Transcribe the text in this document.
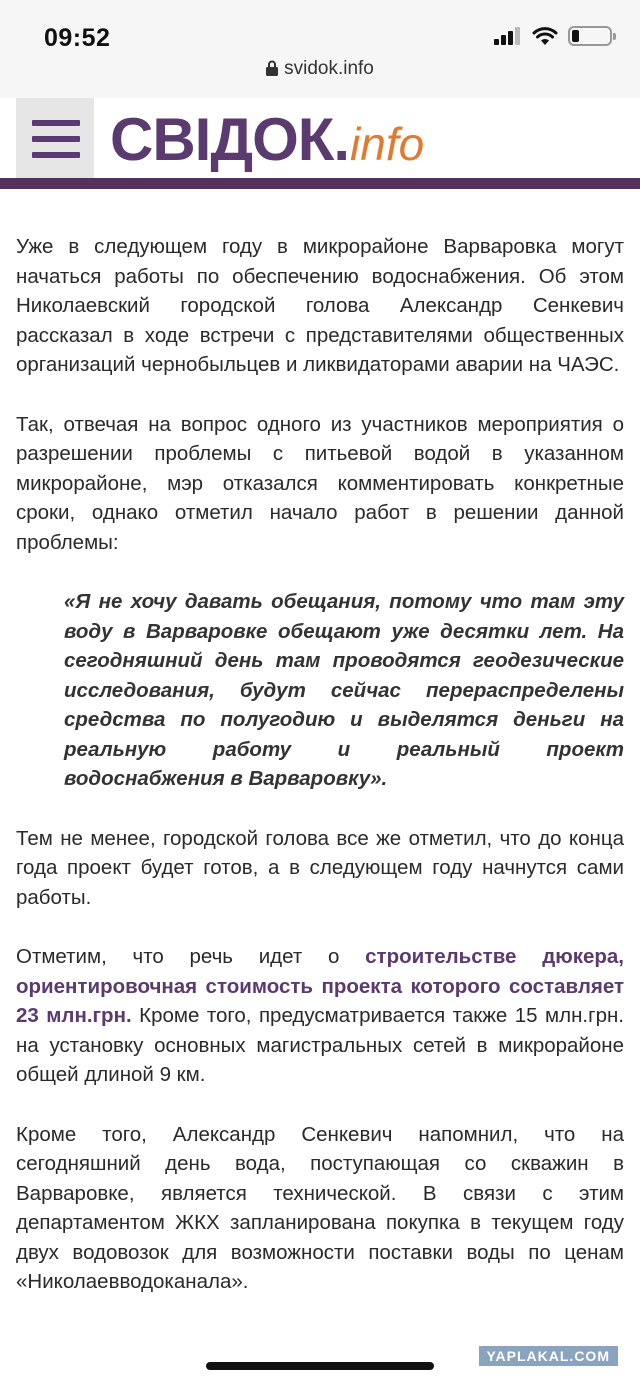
09:52
svidok.info
СВІДОК.info

Уже в следующем году в микрорайоне Варваровка могут начаться работы по обеспечению водоснабжения. Об этом Николаевский городской голова Александр Сенкевич рассказал в ходе встречи с представителями общественных организаций чернобыльцев и ликвидаторами аварии на ЧАЭС.

Так, отвечая на вопрос одного из участников мероприятия о разрешении проблемы с питьевой водой в указанном микрорайоне, мэр отказался комментировать конкретные сроки, однако отметил начало работ в решении данной проблемы:

«Я не хочу давать обещания, потому что там эту воду в Варваровке обещают уже десятки лет. На сегодняшний день там проводятся геодезические исследования, будут сейчас перераспределены средства по полугодию и выделятся деньги на реальную работу и реальный проект водоснабжения в Варваровку».

Тем не менее, городской голова все же отметил, что до конца года проект будет готов, а в следующем году начнутся сами работы.

Отметим, что речь идет о строительстве дюкера, ориентировочная стоимость проекта которого составляет 23 млн.грн. Кроме того, предусматривается также 15 млн.грн. на установку основных магистральных сетей в микрорайоне общей длиной 9 км.

Кроме того, Александр Сенкевич напомнил, что на сегодняшний день вода, поступающая со скважин в Варваровке, является технической. В связи с этим департаментом ЖКХ запланирована покупка в текущем году двух водовозок для возможности поставки воды по ценам «Николаевводоканала».

YAPLAKAL.COM
